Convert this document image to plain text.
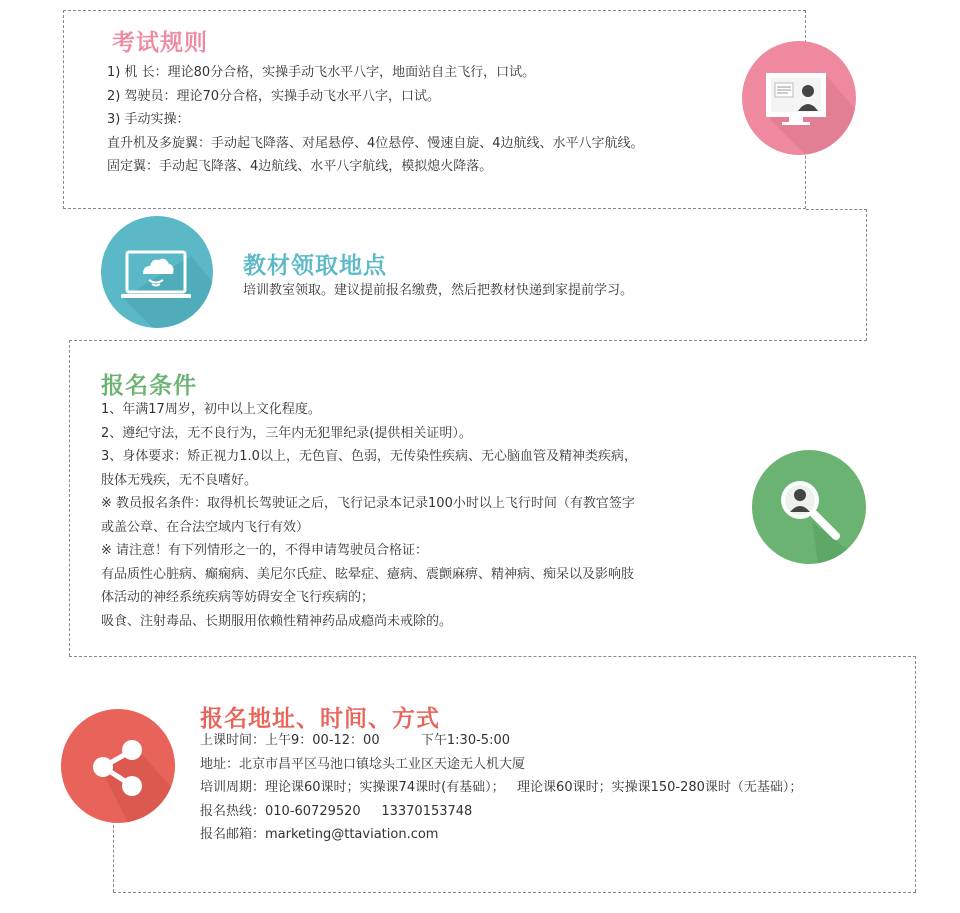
考试规则
1) 机 长：理论80分合格，实操手动飞水平八字，地面站自主飞行，口试。
2) 驾驶员：理论70分合格，实操手动飞水平八字，口试。
3) 手动实操：
直升机及多旋翼：手动起飞降落、对尾悬停、4位悬停、慢速自旋、4边航线、水平八字航线。
固定翼：手动起飞降落、4边航线、水平八字航线，模拟熄火降落。
教材领取地点
培训教室领取。建议提前报名缴费，然后把教材快递到家提前学习。
报名条件
1、年满17周岁，初中以上文化程度。
2、遵纪守法，无不良行为，三年内无犯罪纪录(提供相关证明）。
3、身体要求：矫正视力1.0以上，无色盲、色弱，无传染性疾病、无心脑血管及精神类疾病，
肢体无残疾，无不良嗜好。
※ 教员报名条件：取得机长驾驶证之后，飞行记录本记录100小时以上飞行时间（有教官签字
或盖公章、在合法空域内飞行有效）
※ 请注意！有下列情形之一的，不得申请驾驶员合格证：
有品质性心脏病、癫痫病、美尼尔氏症、眩晕症、癔病、震颤麻痹、精神病、痴呆以及影响肢
体活动的神经系统疾病等妨碍安全飞行疾病的；
吸食、注射毒品、长期服用依赖性精神药品成瘾尚未戒除的。
报名地址、时间、方式
上课时间：上午9：00-12：00          下午1:30-5:00
地址：北京市昌平区马池口镇埝头工业区天途无人机大厦
培训周期：理论课60课时；实操课74课时(有基础）；   理论课60课时；实操课150-280课时（无基础）；
报名热线：010-60729520     13370153748
报名邮箱：marketing@ttaviation.com
